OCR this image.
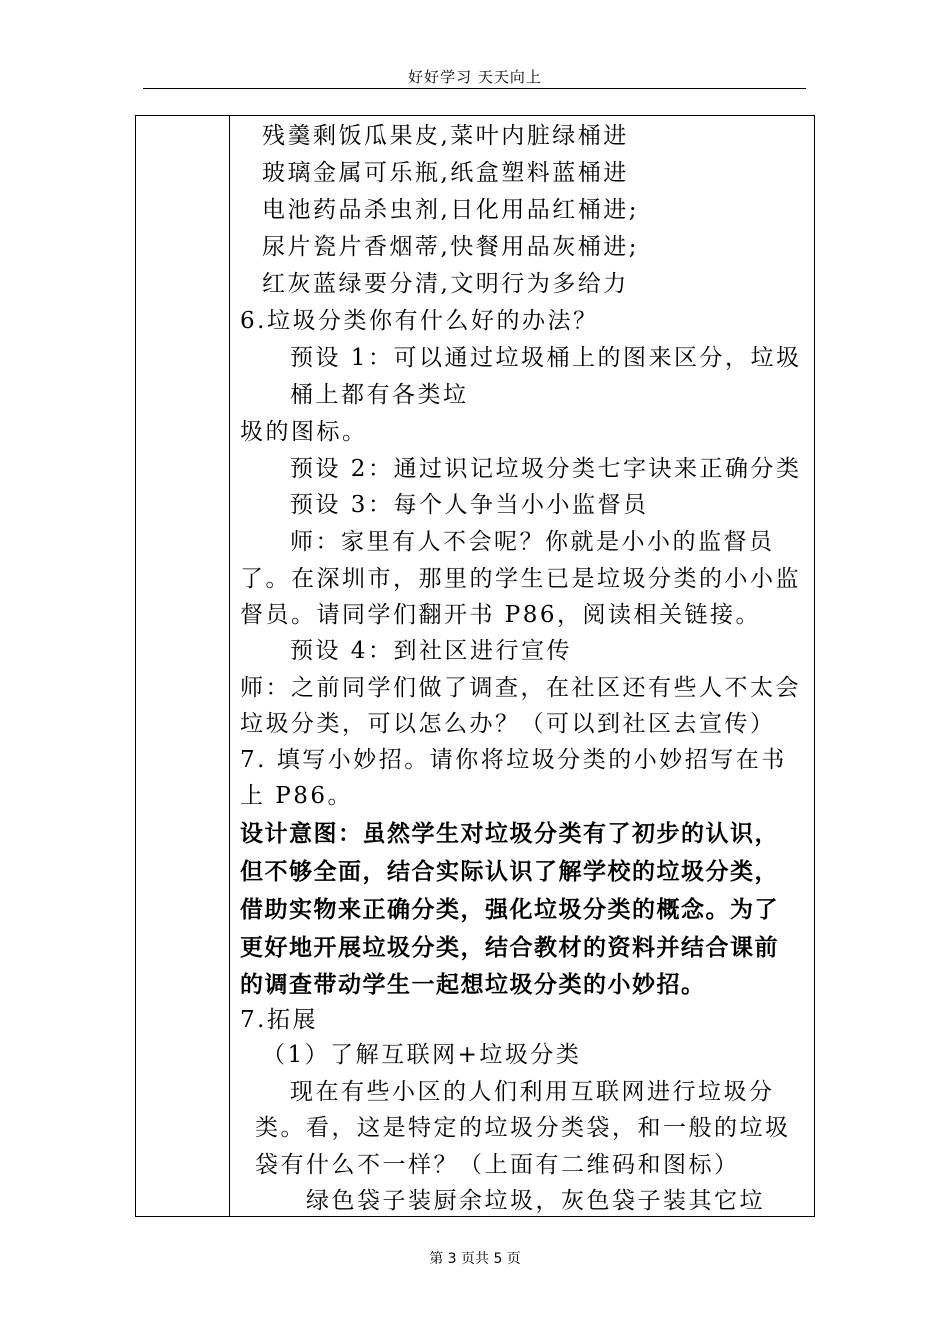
好好学习 天天向上
残羹剩饭瓜果皮,菜叶内脏绿桶进
玻璃金属可乐瓶,纸盒塑料蓝桶进
电池药品杀虫剂,日化用品红桶进;
尿片瓷片香烟蒂,快餐用品灰桶进;
红灰蓝绿要分清,文明行为多给力
6.垃圾分类你有什么好的办法？
预设 1：可以通过垃圾桶上的图来区分，垃圾
桶上都有各类垃
圾的图标。
预设 2：通过识记垃圾分类七字诀来正确分类
预设 3：每个人争当小小监督员
师：家里有人不会呢？你就是小小的监督员
了。在深圳市，那里的学生已是垃圾分类的小小监
督员。请同学们翻开书 P86，阅读相关链接。
预设 4：到社区进行宣传
师：之前同学们做了调查，在社区还有些人不太会
垃圾分类，可以怎么办？（可以到社区去宣传）
7. 填写小妙招。请你将垃圾分类的小妙招写在书
上 P86。
设计意图：虽然学生对垃圾分类有了初步的认识，
但不够全面，结合实际认识了解学校的垃圾分类，
借助实物来正确分类，强化垃圾分类的概念。为了
更好地开展垃圾分类，结合教材的资料并结合课前
的调查带动学生一起想垃圾分类的小妙招。
7.拓展
（1）了解互联网+垃圾分类
现在有些小区的人们利用互联网进行垃圾分
类。看，这是特定的垃圾分类袋，和一般的垃圾
袋有什么不一样？（上面有二维码和图标）
绿色袋子装厨余垃圾，灰色袋子装其它垃
第 3 页共 5 页
